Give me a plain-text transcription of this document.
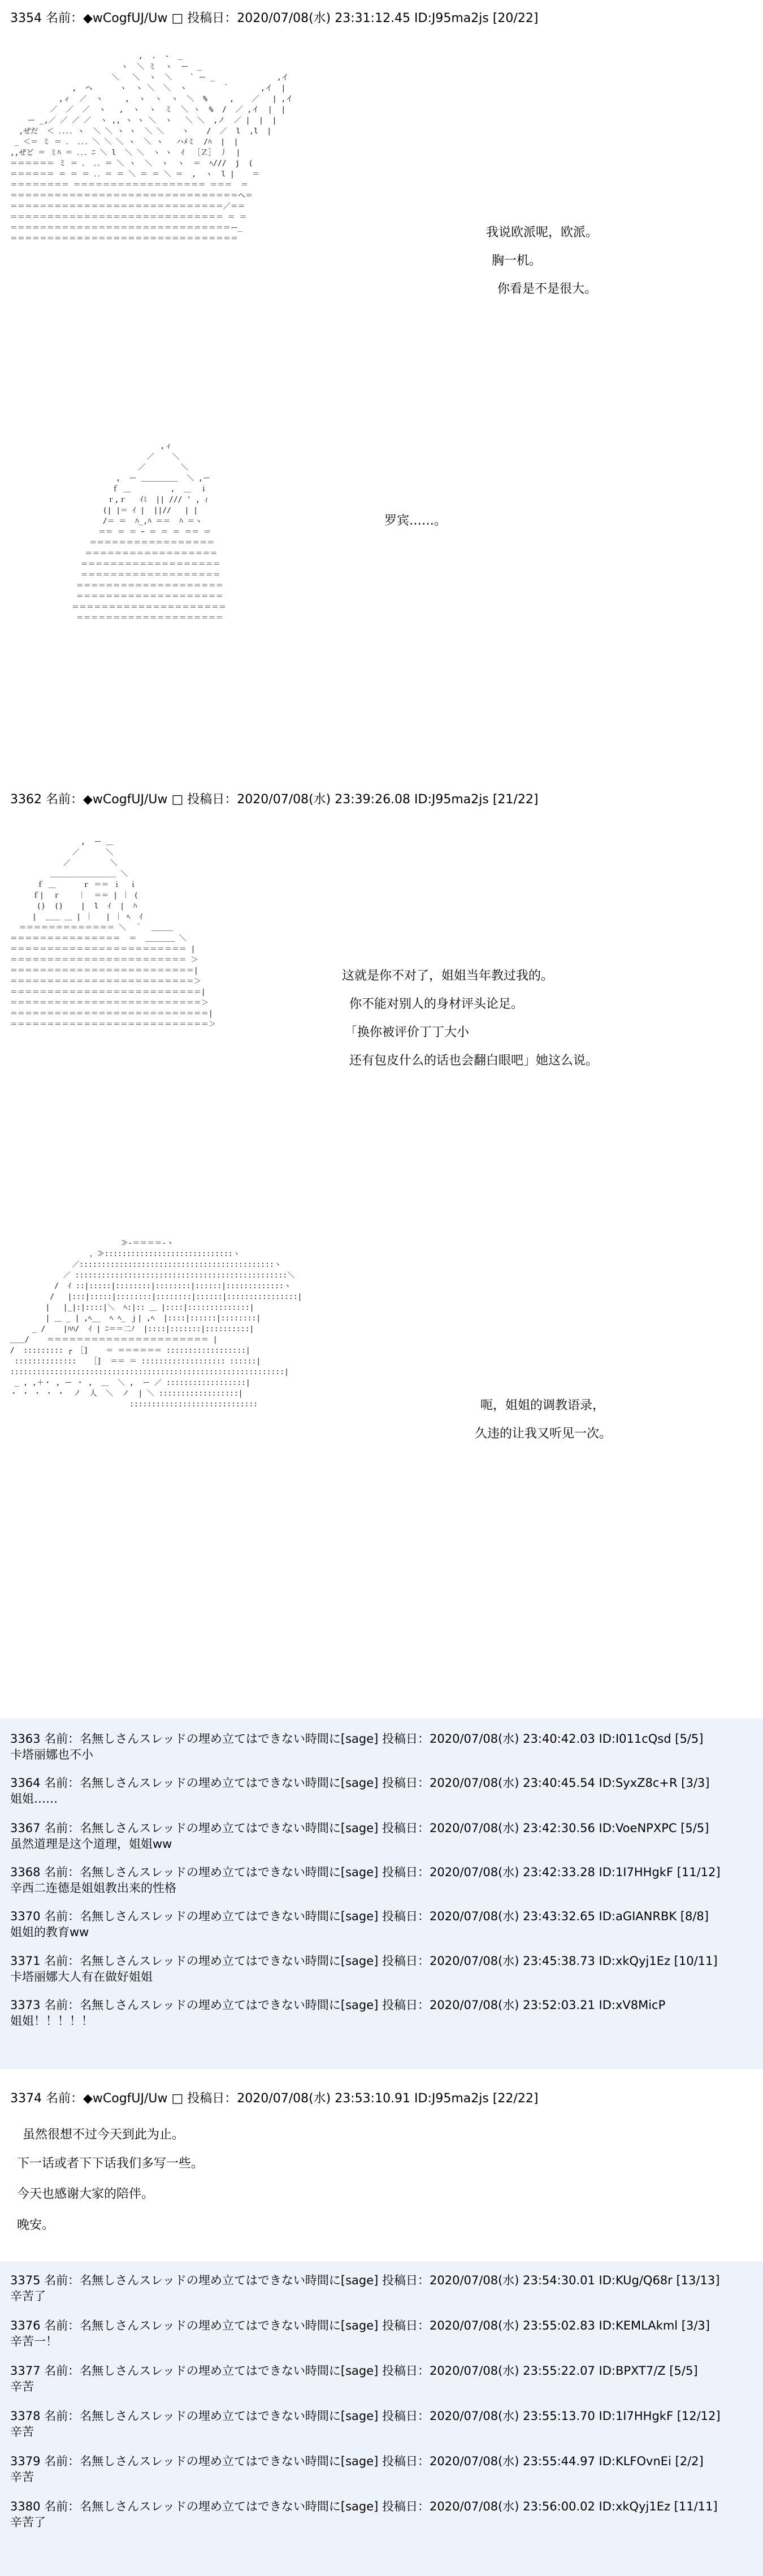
3354 名前：◆wCogfUJ/Uw □ 投稿日：2020/07/08(水) 23:31:12.45 ID:J95ma2js [20/22]
,  .  -  _
ヽ  ＼ ミ  ヽ  ー  _
＼   ＼  ヽ  ＼    ` ー _              ,イ
,  ヘ      ヽ  ヽ ＼  ＼  ヽ        ｀       ,イ  |
,ィ  ／  ヽ     ,  ヽ  ヽ  ヽ  ＼  %     ,    ／   | ,イ
／  ／  ／  ヽ   ,  ヽ  ヽ  ミ  ＼ ヽ  %  /  ／ ,イ  |  |
ー _,／ ／ ／ ／  ヽ ,, ヽ ヽ ＼  ヽ   ＼ ＼  ,ノ  ／ |  |  |
,ぜだ  ＜ ．．．．ヽ  ＼ ＼ ヽ ヽ  ＼ ＼    ヽ    /  ／  l  ,l  |
_ ＜＝ ミ ＝ ． ．．．＼ ＼ ＼ ヽ  ＼ ヽ   ハﾒミ  /ﾊ  |  |
,,ぜど ＝ ミﾊ ＝ ．．．ﾆ ＼ l  ＼ ＼  ヽ ヽ  ｲ  ［Ｚ］ 丿  |
＝＝＝＝＝＝ ミ ＝ ． ．．＝ ＼ ヽ  ＼  ヽ  ヽ  ＝  ﾍ///  j  (
＝＝＝＝＝＝ ＝ ＝ ＝ ．．＝ ＝ ＼ ＝ ＝ ＼ ＝  ,  ヽ  l |    ＝
＝＝＝＝＝＝＝＝ ＝＝＝＝＝＝＝＝＝＝＝＝＝＝＝＝＝＝ ＝＝＝  ＝
＝＝＝＝＝＝＝＝＝＝＝＝＝＝＝＝＝＝＝＝＝＝＝＝＝＝＝＝＝＝＝ヘ＝
＝＝＝＝＝＝＝＝＝＝＝＝＝＝＝＝＝＝＝＝＝＝＝＝＝＝＝＝＝／＝＝
＝＝＝＝＝＝＝＝＝＝＝＝＝＝＝＝＝＝＝＝＝＝＝＝＝＝＝＝＝ ＝ ＝
＝＝＝＝＝＝＝＝＝＝＝＝＝＝＝＝＝＝＝＝＝＝＝＝＝＝＝＝＝＝ー_
＝＝＝＝＝＝＝＝＝＝＝＝＝＝＝＝＝＝＝＝＝＝＝＝＝＝＝＝＝＝＝	我说欧派呢，欧派。
胸一机。
你看是不是很大。
,ィ
／    ＼
／        ＼
,  ー ＿＿＿＿＿  ＼ ,ー
ｆ ＿         ,  ＿  ｉ
ｒ,ｒ   ｲﾐ  || /// ' , ｨ
(| |＝ ｲ |  ||//   | |
/＝ ＝  ﾊ_,ﾊ ＝＝  ﾊ ＝ヽ
＝＝ ＝ ＝ ｰ ＝ ＝ ＝ ＝＝ ＝
＝＝＝＝＝＝＝＝＝＝＝＝＝＝＝＝＝
＝＝＝＝＝＝＝＝＝＝＝＝＝＝＝＝＝＝
＝＝＝＝＝＝＝＝＝＝＝＝＝＝＝＝＝＝＝
＝＝＝＝＝＝＝＝＝＝＝＝＝＝＝＝＝＝＝
＝＝＝＝＝＝＝＝＝＝＝＝＝＝＝＝＝＝＝＝
＝＝＝＝＝＝＝＝＝＝＝＝＝＝＝＝＝＝＝＝
＝＝＝＝＝＝＝＝＝＝＝＝＝＝＝＝＝＝＝＝＝
＝＝＝＝＝＝＝＝＝＝＝＝＝＝＝＝＝＝＝＝
罗宾……。
3362 名前：◆wCogfUJ/Uw □ 投稿日：2020/07/08(水) 23:39:26.08 ID:J95ma2js [21/22]
,  ー ＿
／      ＼
／         ＼
＿＿＿＿＿＿＿＿＿ ＼
ｆ ＿      ｒ ＝＝ ｉ  ｉ
ｆ|  ｒ    ｜  ＝＝ | ｜ (
()  ()    |  l  ｲ  |  ﾊ
|  ＿＿ ＿ | ｜   | ｜ ﾍ  ｲ
＝＝＝＝＝＝＝＝＝＝＝＝＝ ＼  ｀  ＿＿＿
＝＝＝＝＝＝＝＝＝＝＝＝＝＝＝  ＝  ＿＿＿＿ ＼
＝＝＝＝＝＝＝＝＝＝＝＝＝＝＝＝＝＝＝＝＝＝＝＝ |
＝＝＝＝＝＝＝＝＝＝＝＝＝＝＝＝＝＝＝＝＝＝＝＝ ＞
＝＝＝＝＝＝＝＝＝＝＝＝＝＝＝＝＝＝＝＝＝＝＝＝＝|
＝＝＝＝＝＝＝＝＝＝＝＝＝＝＝＝＝＝＝＝＝＝＝＝＝＞
＝＝＝＝＝＝＝＝＝＝＝＝＝＝＝＝＝＝＝＝＝＝＝＝＝＝|
＝＝＝＝＝＝＝＝＝＝＝＝＝＝＝＝＝＝＝＝＝＝＝＝＝＝＞
＝＝＝＝＝＝＝＝＝＝＝＝＝＝＝＝＝＝＝＝＝＝＝＝＝＝＝|
＝＝＝＝＝＝＝＝＝＝＝＝＝＝＝＝＝＝＝＝＝＝＝＝＝＝＝＞
这就是你不对了，姐姐当年教过我的。
你不能对别人的身材评头论足。
「换你被评价丁丁大小
还有包皮什么的话也会翻白眼吧」她这么说。
≫-＝＝＝＝-ヽ
，≫:::::::::::::::::::::::::::::ヽ
／::::::::::::::::::::::::::::::::::::::::::::ヽ
／ ::::::::::::::::::::::::::::::::::::::::::::::::＼
/  ｲ ::|:::::|::::::::|::::::::|::::::|:::::::::::::ヽ
/   |:::|:::::|::::::::|::::::::|::::::|::::::::::::::::|
|   |_|:|::::|＼  ﾍ:|:: ＿ |::::|::::::::::::::|
| ＿ _ | ,ﾍ__  ﾍ ﾍ_ ｊ| ,ﾍ  |::::|::::::|::::::::|
_ /    |ﾊﾊ/  ｲ | ﾆ＝＝二ﾉ  |::::|:::::::|::::::::::|
＿＿/    ＝＝＝＝＝＝＝＝＝＝＝＝＝＝＝＝＝＝＝＝＝＝ |
/  ::::::::: ┌ ［]    ＝ ＝＝＝＝＝＝ ::::::::::::::::::|
::::::::::::::   ［]  ＝＝ ＝ ::::::::::::::::::: ::::::|
::::::::::::::::::::::::::::::::::::::::::::::::::::::::::::::|
_ , ,＋・ , ー ・ ,  ＿  ＼ ,  ー ／ ::::::::::::::::::|
・ ・ ・ ・ ・  ノ  人  ＼  ノ  | ＼ ::::::::::::::::::|
:::::::::::::::::::::::::::::	呃，姐姐的调教语录，
久违的让我又听见一次。
3363 名前：名無しさんスレッドの埋め立てはできない時間に[sage] 投稿日：2020/07/08(水) 23:40:42.03 ID:I011cQsd [5/5]
卡塔丽娜也不小
3364 名前：名無しさんスレッドの埋め立てはできない時間に[sage] 投稿日：2020/07/08(水) 23:40:45.54 ID:SyxZ8c+R [3/3]
姐姐……
3367 名前：名無しさんスレッドの埋め立てはできない時間に[sage] 投稿日：2020/07/08(水) 23:42:30.56 ID:VoeNPXPC [5/5]
虽然道理是这个道理，姐姐ww
3368 名前：名無しさんスレッドの埋め立てはできない時間に[sage] 投稿日：2020/07/08(水) 23:42:33.28 ID:1I7HHgkF [11/12]
辛西二连德是姐姐教出来的性格
3370 名前：名無しさんスレッドの埋め立てはできない時間に[sage] 投稿日：2020/07/08(水) 23:43:32.65 ID:aGIANRBK [8/8]
姐姐的教育ww
3371 名前：名無しさんスレッドの埋め立てはできない時間に[sage] 投稿日：2020/07/08(水) 23:45:38.73 ID:xkQyj1Ez [10/11]
卡塔丽娜大人有在做好姐姐
3373 名前：名無しさんスレッドの埋め立てはできない時間に[sage] 投稿日：2020/07/08(水) 23:52:03.21 ID:xV8MicP
姐姐！！！！！
3374 名前：◆wCogfUJ/Uw □ 投稿日：2020/07/08(水) 23:53:10.91 ID:J95ma2js [22/22]
虽然很想不过今天到此为止。
下一话或者下下话我们多写一些。
今天也感谢大家的陪伴。
晚安。
3375 名前：名無しさんスレッドの埋め立てはできない時間に[sage] 投稿日：2020/07/08(水) 23:54:30.01 ID:KUg/Q68r [13/13]
辛苦了
3376 名前：名無しさんスレッドの埋め立てはできない時間に[sage] 投稿日：2020/07/08(水) 23:55:02.83 ID:KEMLAkml [3/3]
辛苦一！
3377 名前：名無しさんスレッドの埋め立てはできない時間に[sage] 投稿日：2020/07/08(水) 23:55:22.07 ID:BPXT7/Z [5/5]
辛苦
3378 名前：名無しさんスレッドの埋め立てはできない時間に[sage] 投稿日：2020/07/08(水) 23:55:13.70 ID:1I7HHgkF [12/12]
辛苦
3379 名前：名無しさんスレッドの埋め立てはできない時間に[sage] 投稿日：2020/07/08(水) 23:55:44.97 ID:KLFOvnEi [2/2]
辛苦
3380 名前：名無しさんスレッドの埋め立てはできない時間に[sage] 投稿日：2020/07/08(水) 23:56:00.02 ID:xkQyj1Ez [11/11]
辛苦了
